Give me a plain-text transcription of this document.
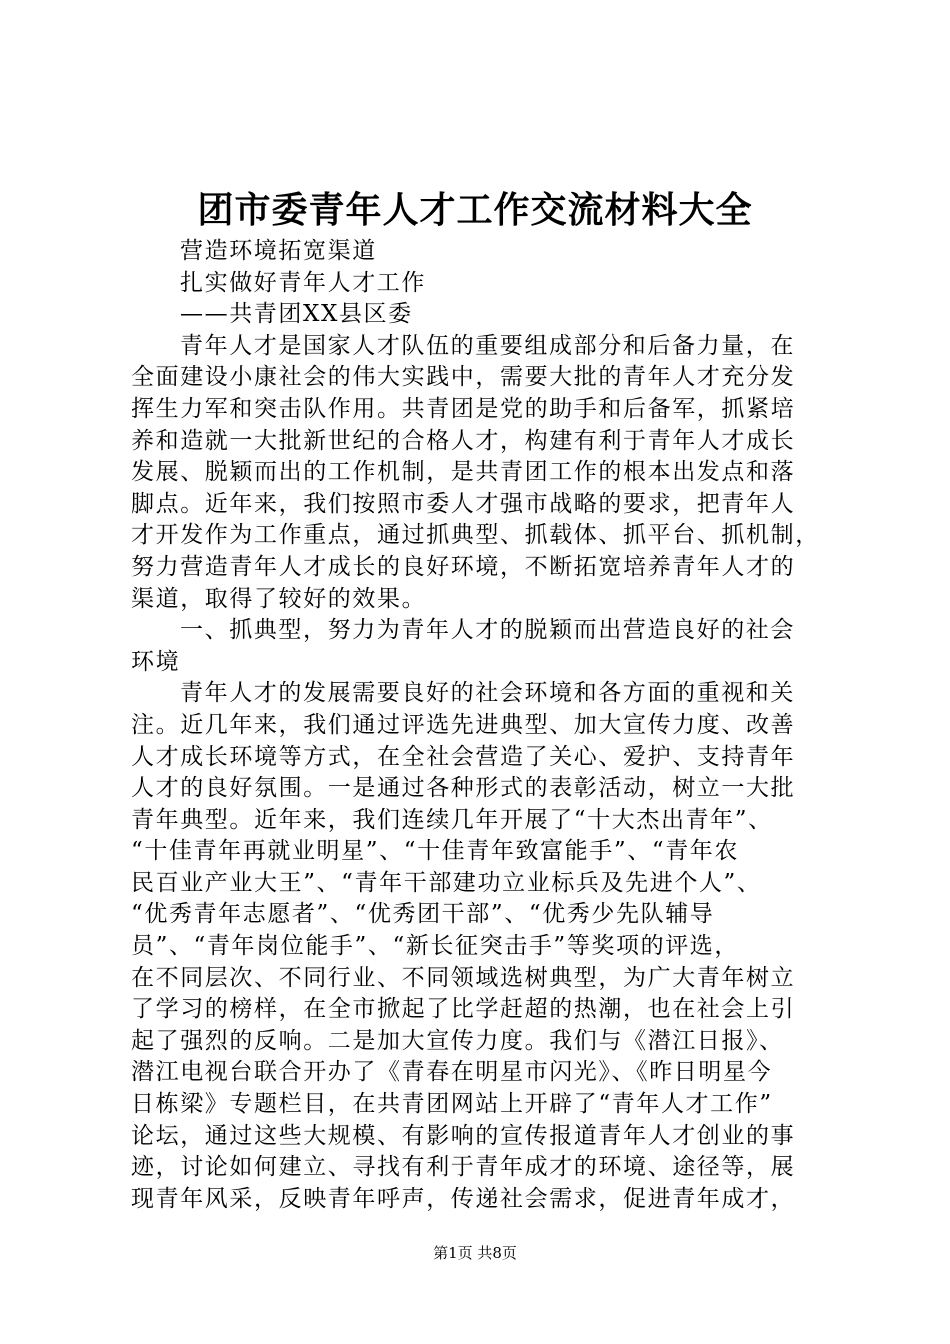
团市委青年人才工作交流材料大全
营造环境拓宽渠道
扎实做好青年人才工作
——共青团XX县区委
青年人才是国家人才队伍的重要组成部分和后备力量，在
全面建设小康社会的伟大实践中，需要大批的青年人才充分发
挥生力军和突击队作用。共青团是党的助手和后备军，抓紧培
养和造就一大批新世纪的合格人才，构建有利于青年人才成长
发展、脱颖而出的工作机制，是共青团工作的根本出发点和落
脚点。近年来，我们按照市委人才强市战略的要求，把青年人
才开发作为工作重点，通过抓典型、抓载体、抓平台、抓机制，
努力营造青年人才成长的良好环境，不断拓宽培养青年人才的
渠道，取得了较好的效果。
一、抓典型，努力为青年人才的脱颖而出营造良好的社会
环境
青年人才的发展需要良好的社会环境和各方面的重视和关
注。近几年来，我们通过评选先进典型、加大宣传力度、改善
人才成长环境等方式，在全社会营造了关心、爱护、支持青年
人才的良好氛围。一是通过各种形式的表彰活动，树立一大批
青年典型。近年来，我们连续几年开展了“十大杰出青年”、
“十佳青年再就业明星”、“十佳青年致富能手”、“青年农
民百业产业大王”、“青年干部建功立业标兵及先进个人”、
“优秀青年志愿者”、“优秀团干部”、“优秀少先队辅导
员”、“青年岗位能手”、“新长征突击手”等奖项的评选，
在不同层次、不同行业、不同领域选树典型，为广大青年树立
了学习的榜样，在全市掀起了比学赶超的热潮，也在社会上引
起了强烈的反响。二是加大宣传力度。我们与《潜江日报》、
潜江电视台联合开办了《青春在明星市闪光》、《昨日明星今
日栋梁》专题栏目，在共青团网站上开辟了“青年人才工作”
论坛，通过这些大规模、有影响的宣传报道青年人才创业的事
迹，讨论如何建立、寻找有利于青年成才的环境、途径等，展
现青年风采，反映青年呼声，传递社会需求，促进青年成才，
第1页 共8页
